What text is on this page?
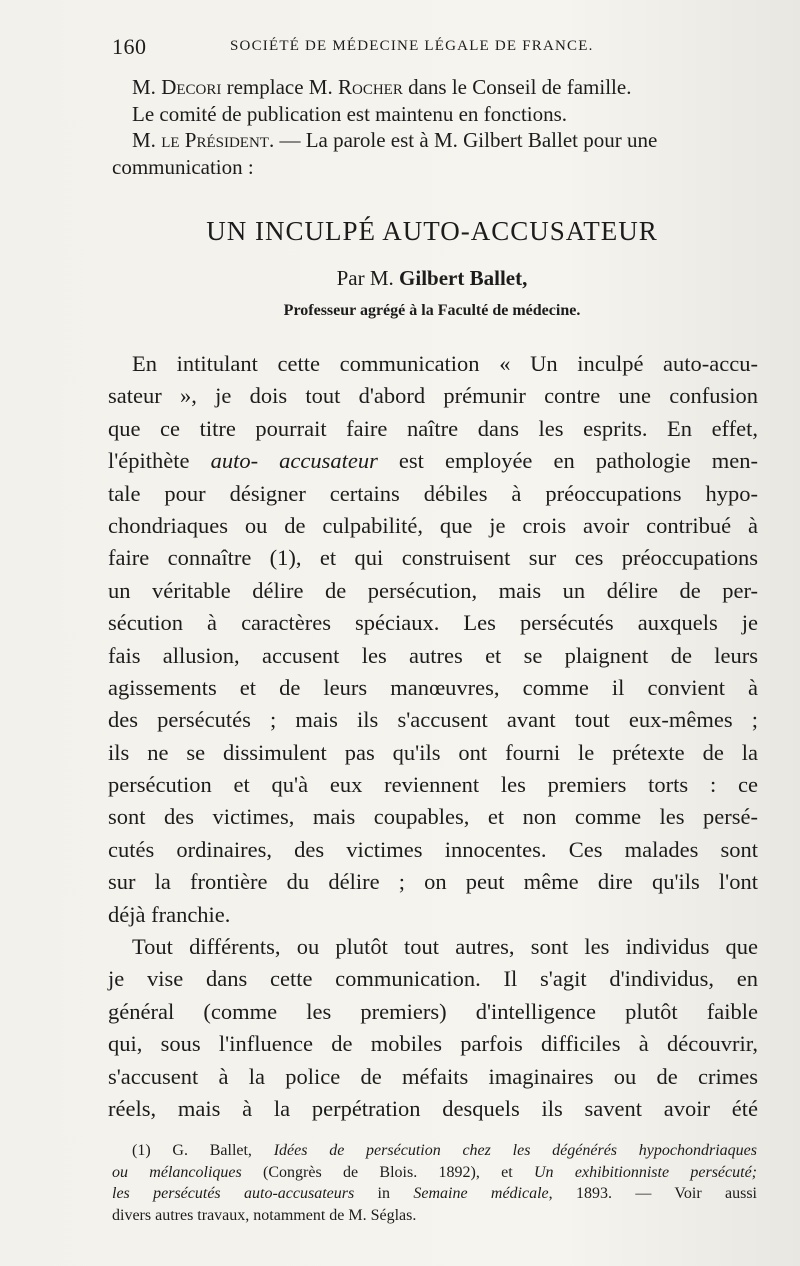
160	SOCIÉTÉ DE MÉDECINE LÉGALE DE FRANCE.

M. Decori remplace M. Rocher dans le Conseil de famille.

Le comité de publication est maintenu en fonctions.

M. le Président. — La parole est à M. Gilbert Ballet pour une

communication :

UN INCULPÉ AUTO-ACCUSATEUR
Par M. Gilbert Ballet,
Professeur agrégé à la Faculté de médecine.
En intitulant cette communication « Un inculpé auto-accu-
sateur », je dois tout d'abord prémunir contre une confusion
que ce titre pourrait faire naître dans les esprits. En effet,
l'épithète auto- accusateur est employée en pathologie men-
tale pour désigner certains débiles à préoccupations hypo-
chondriaques ou de culpabilité, que je crois avoir contribué à
faire connaître (1), et qui construisent sur ces préoccupations
un véritable délire de persécution, mais un délire de per-
sécution à caractères spéciaux. Les persécutés auxquels je
fais allusion, accusent les autres et se plaignent de leurs
agissements et de leurs manœuvres, comme il convient à
des persécutés ; mais ils s'accusent avant tout eux-mêmes ;
ils ne se dissimulent pas qu'ils ont fourni le prétexte de la
persécution et qu'à eux reviennent les premiers torts : ce
sont des victimes, mais coupables, et non comme les persé-
cutés ordinaires, des victimes innocentes. Ces malades sont
sur la frontière du délire ; on peut même dire qu'ils l'ont
déjà franchie.
Tout différents, ou plutôt tout autres, sont les individus que
je vise dans cette communication. Il s'agit d'individus, en
général (comme les premiers) d'intelligence plutôt faible
qui, sous l'influence de mobiles parfois difficiles à découvrir,
s'accusent à la police de méfaits imaginaires ou de crimes
réels, mais à la perpétration desquels ils savent avoir été
(1) G. Ballet, Idées de persécution chez les dégénérés hypochondriaques
ou mélancoliques (Congrès de Blois. 1892), et Un exhibitionniste persécuté;
les persécutés auto-accusateurs in Semaine médicale, 1893. — Voir aussi
divers autres travaux, notamment de M. Séglas.
